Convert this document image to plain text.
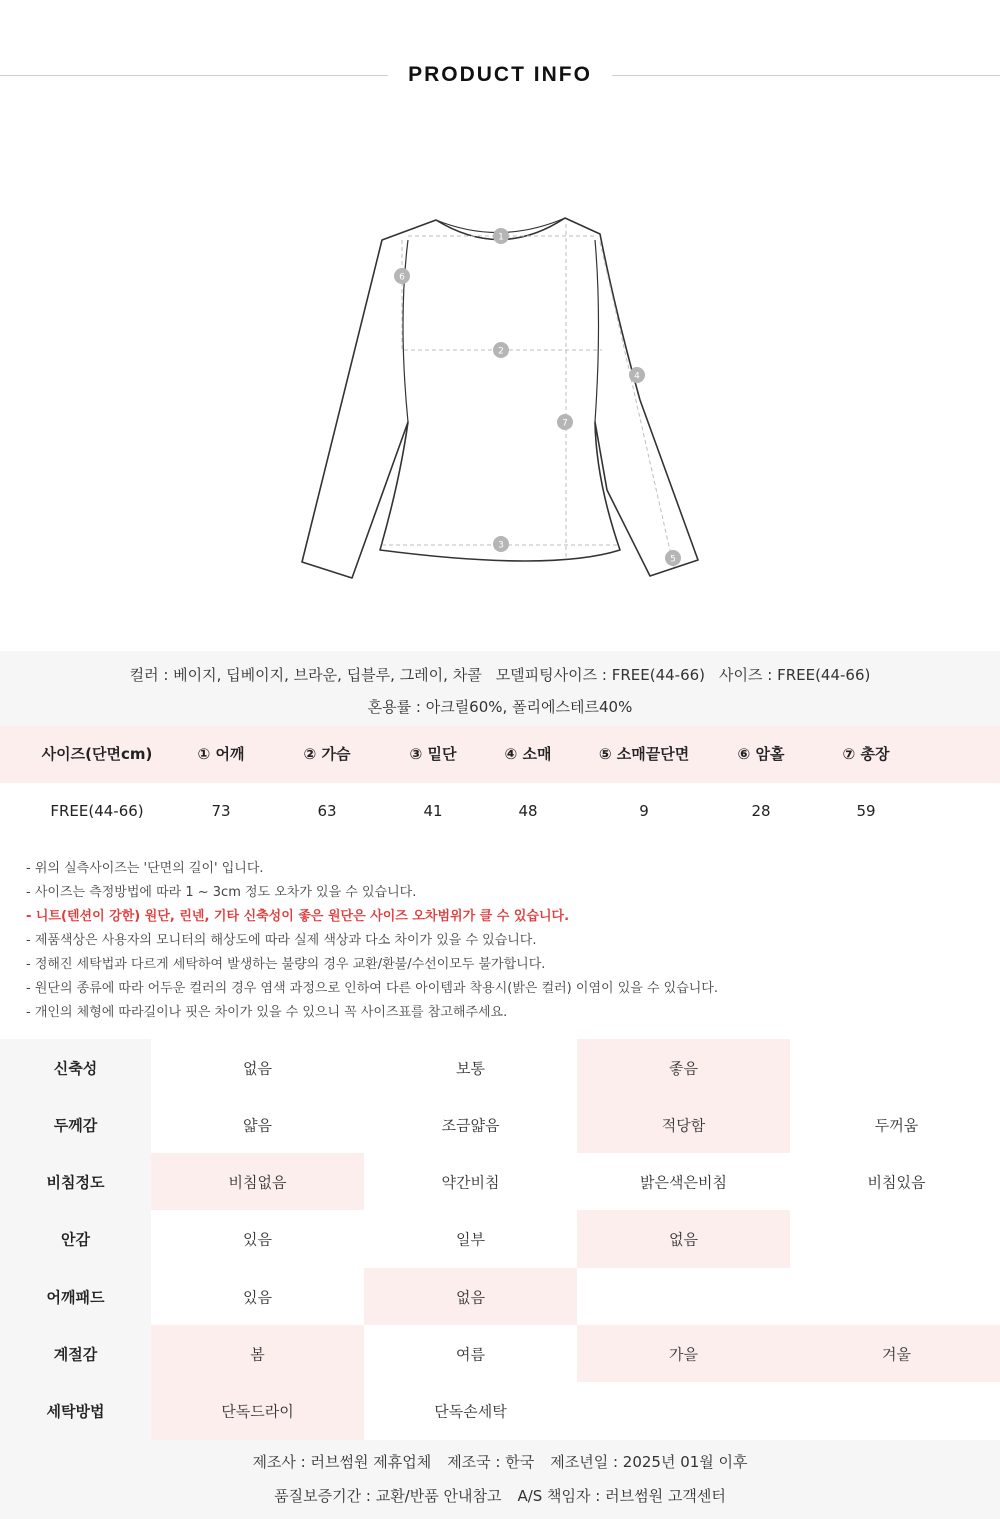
PRODUCT INFO
1
2
3
4
5
6
7
컬러 : 베이지, 딥베이지, 브라운, 딥블루, 그레이, 차콜 모델피팅사이즈 : FREE(44-66) 사이즈 : FREE(44-66)
혼용률 : 아크릴60%, 폴리에스테르40%
사이즈(단면cm)	① 어깨	② 가슴	③ 밑단	④ 소매	⑤ 소매끝단면	⑥ 암홀	⑦ 총장
FREE(44-66)	73	63	41	48	9	28	59
- 위의 실측사이즈는 '단면의 길이' 입니다.
- 사이즈는 측정방법에 따라 1 ~ 3cm 정도 오차가 있을 수 있습니다.
- 니트(텐션이 강한) 원단, 린넨, 기타 신축성이 좋은 원단은 사이즈 오차범위가 클 수 있습니다.
- 제품색상은 사용자의 모니터의 해상도에 따라 실제 색상과 다소 차이가 있을 수 있습니다.
- 정해진 세탁법과 다르게 세탁하여 발생하는 불량의 경우 교환/환불/수선이모두 불가합니다.
- 원단의 종류에 따라 어두운 컬러의 경우 염색 과정으로 인하여 다른 아이템과 착용시(밝은 컬러) 이염이 있을 수 있습니다.
- 개인의 체형에 따라길이나 핏은 차이가 있을 수 있으니 꼭 사이즈표를 참고해주세요.
신축성	없음	보통	좋음
두께감	얇음	조금얇음	적당함	두꺼움
비침정도	비침없음	약간비침	밝은색은비침	비침있음
안감	있음	일부	없음
어깨패드	있음	없음
계절감	봄	여름	가을	겨울
세탁방법	단독드라이	단독손세탁
제조사 : 러브썸원 제휴업체 제조국 : 한국 제조년일 : 2025년 01월 이후
품질보증기간 : 교환/반품 안내참고 A/S 책임자 : 러브썸원 고객센터
